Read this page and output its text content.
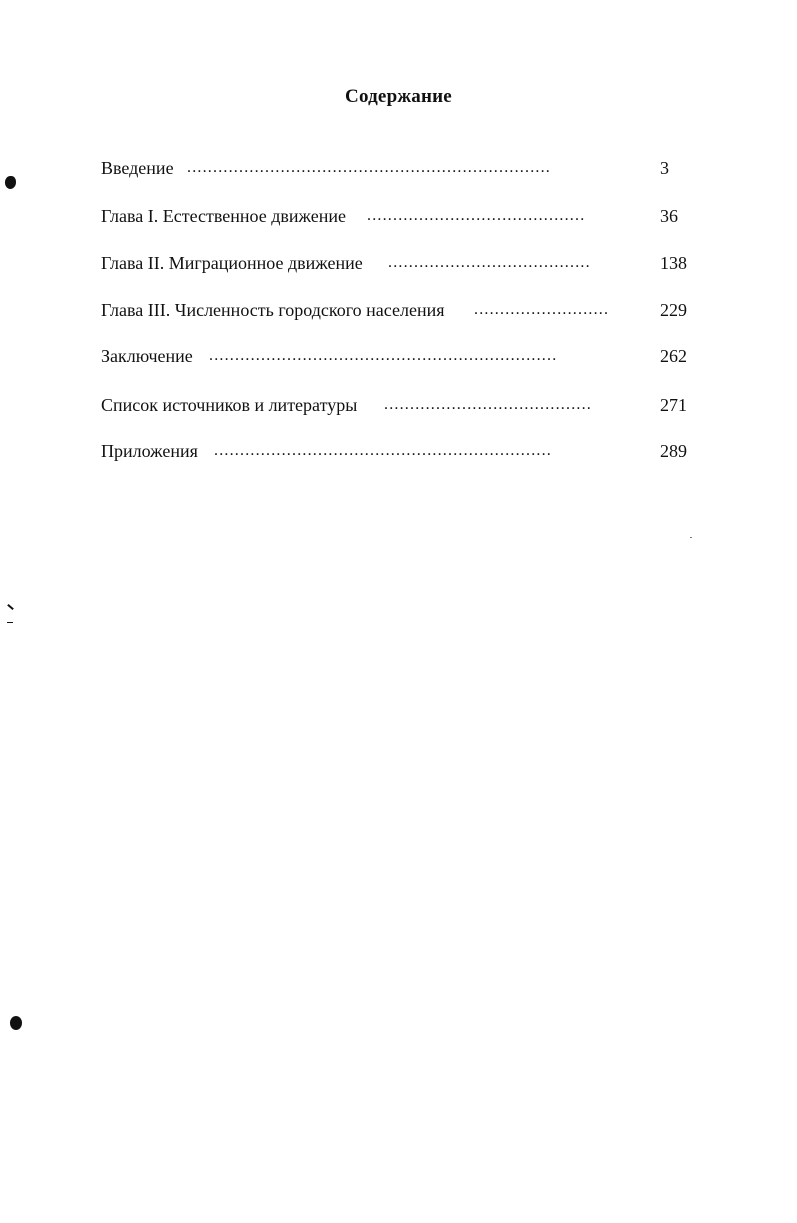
Содержание
Введение ......................................................................	3
Глава I. Естественное движение ..........................................	36
Глава II. Миграционное движение .......................................	138
Глава III. Численность городского населения ..........................	229
Заключение ...................................................................	262
Список источников и литературы ........................................	271
Приложения .................................................................	289
